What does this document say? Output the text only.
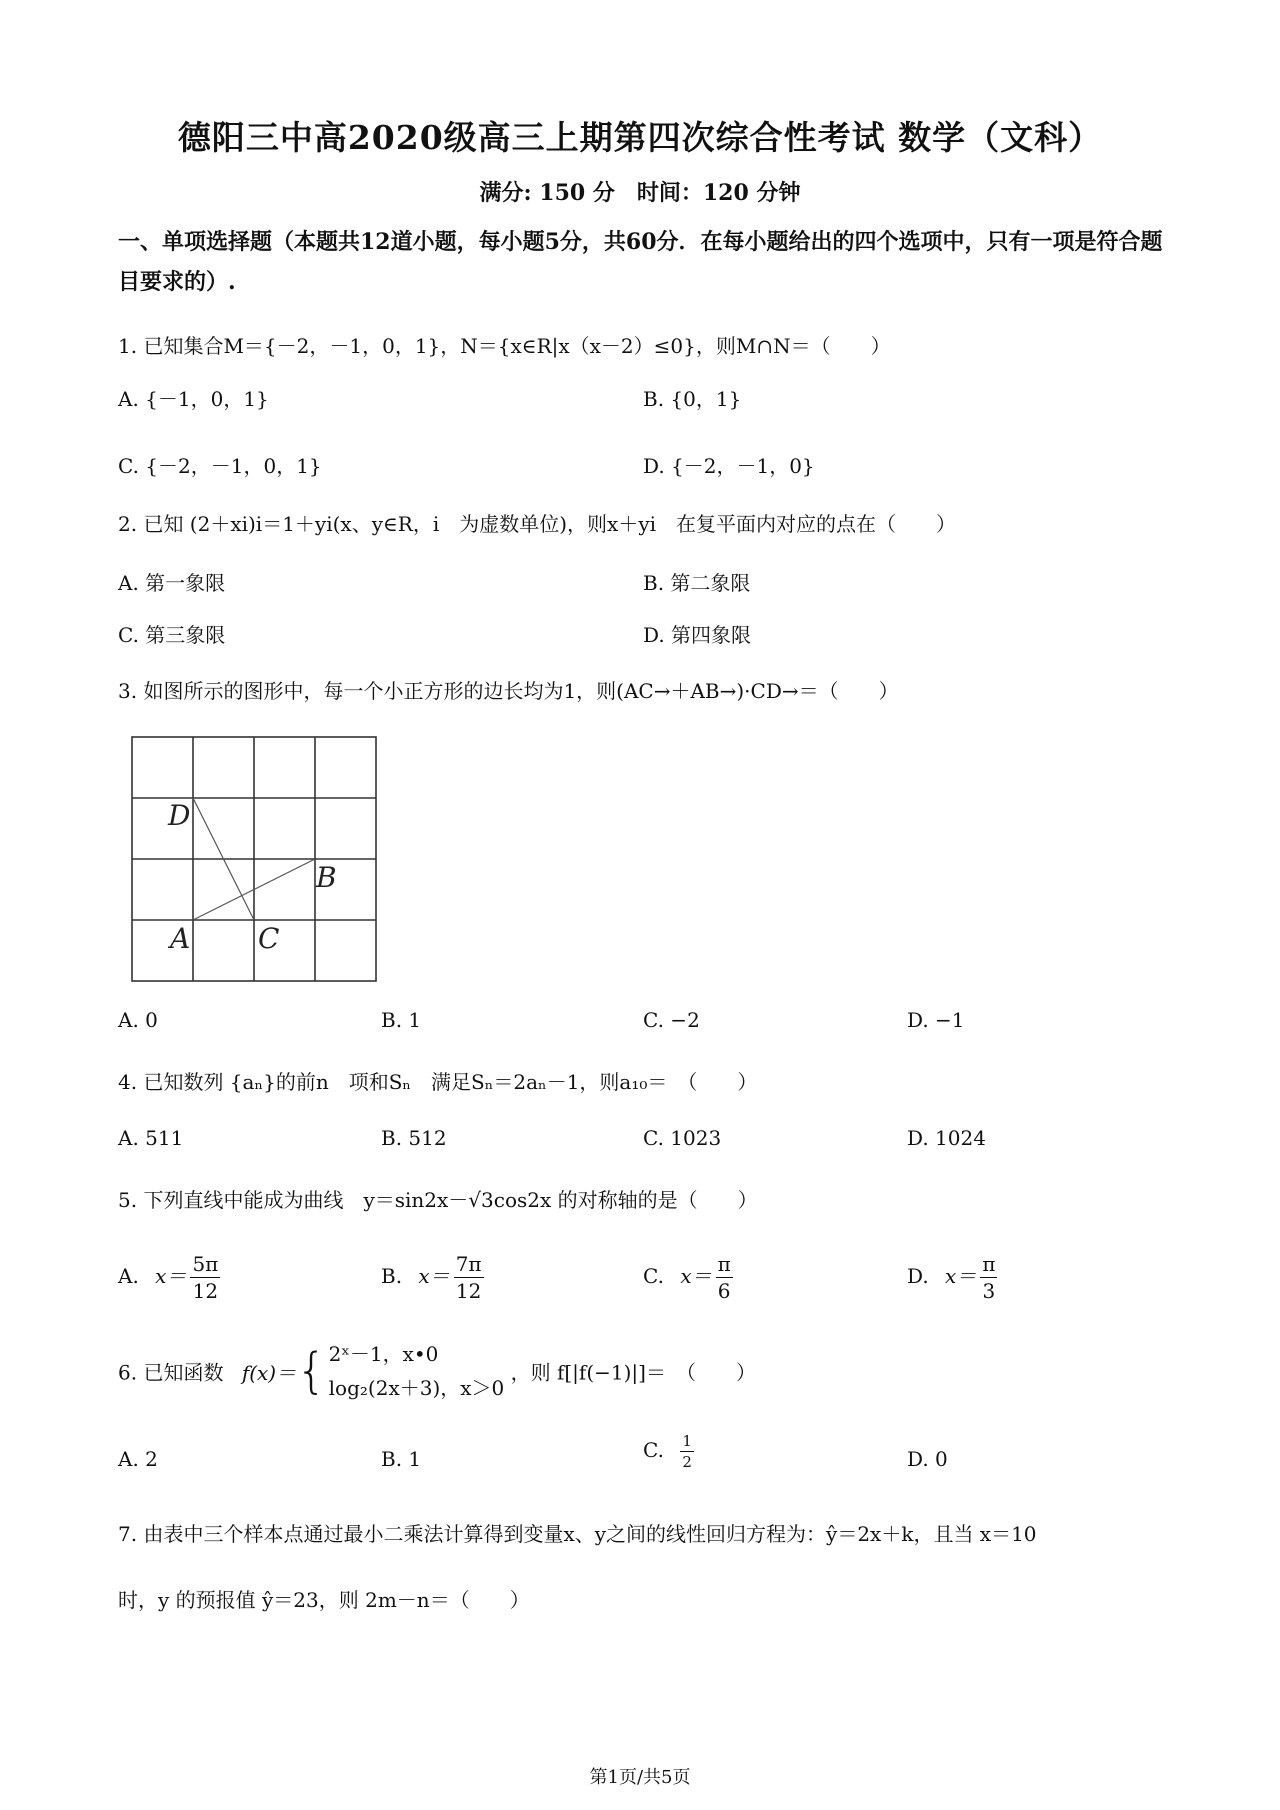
德阳三中高2020级高三上期第四次综合性考试 数学（文科）
满分: 150 分　时间：120 分钟
一、单项选择题（本题共12道小题，每小题5分，共60分．在每小题给出的四个选项中，只有一项是符合题目要求的）.
1. 已知集合M＝{－2，－1，0，1}，N＝{x∈R|x（x－2）≤0}，则M∩N＝（　　）
A. {－1，0，1}	B. {0，1}
C. {－2，－1，0，1}	D. {－2，－1，0}
2. 已知 (2＋xi)i＝1＋yi(x、y∈R，i　为虚数单位)，则x＋yi　在复平面内对应的点在（　　）
A. 第一象限	B. 第二象限
C. 第三象限	D. 第四象限
3. 如图所示的图形中，每一个小正方形的边长均为1，则(AC→＋AB→)·CD→＝（　　）
D
B
A C
A. 0	B. 1	C. −2	D. −1
4. 已知数列 {aₙ}的前n　项和Sₙ　满足Sₙ＝2aₙ－1，则a₁₀＝　（　　）
A. 511	B. 512	C. 1023	D. 1024
5. 下列直线中能成为曲线　y＝sin2x－√3cos2x 的对称轴的是（　　）
A. $x= \frac{5\pi}{12}$	B. $x= \frac{7\pi}{12}$	C. $x= \frac{\pi}{6}$	D. $x= \frac{\pi}{3}$
6. 已知函数 f(x)＝{ 2ˣ－1，x•0
log₂(2x＋3)，x＞0
，则 f[|f(−1)|]＝　（　　）
A. 2	B. 1	C. $\frac{1}{2}$	D. 0
7. 由表中三个样本点通过最小二乘法计算得到变量x、y之间的线性回归方程为：ŷ＝2x＋k，且当 x＝10
时，y 的预报值 ŷ＝23，则 2m－n＝（　　）
第1页/共5页
